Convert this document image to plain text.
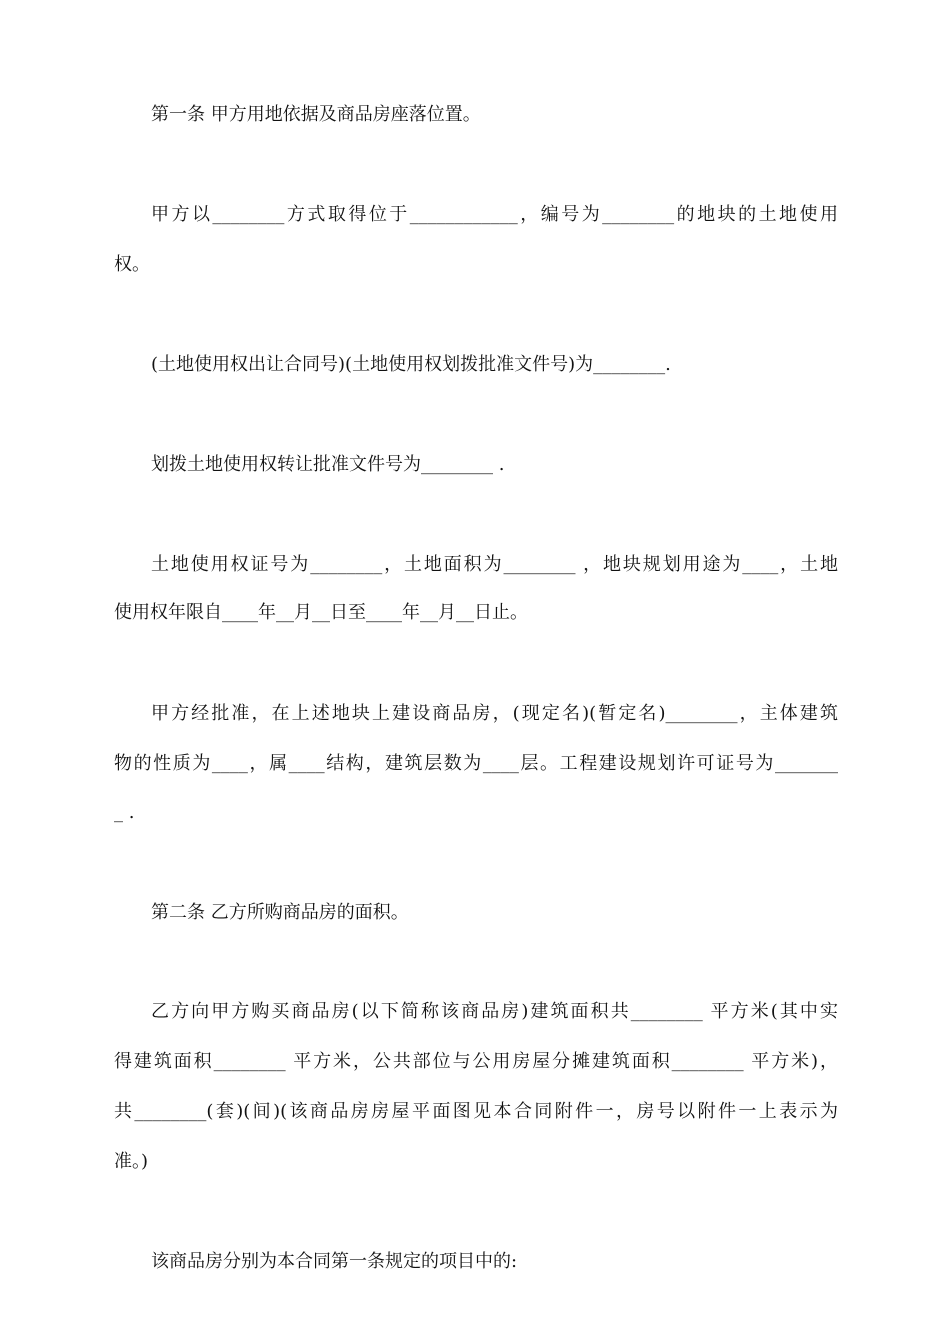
第一条 甲方用地依据及商品房座落位置。
甲方以________方式取得位于____________，编号为________的地块的土地使用
权。
(土地使用权出让合同号)(土地使用权划拨批准文件号)为________.
划拨土地使用权转让批准文件号为________ .
土地使用权证号为________，土地面积为________ ，地块规划用途为____，土地
使用权年限自____年__月__日至____年__月__日止。
甲方经批准，在上述地块上建设商品房，(现定名)(暂定名)________，主体建筑
物的性质为____，属____结构，建筑层数为____层。工程建设规划许可证号为_______
_ .
第二条 乙方所购商品房的面积。
乙方向甲方购买商品房(以下简称该商品房)建筑面积共________ 平方米(其中实
得建筑面积________ 平方米，公共部位与公用房屋分摊建筑面积________ 平方米)，
共________(套)(间)(该商品房房屋平面图见本合同附件一，房号以附件一上表示为
准。)
该商品房分别为本合同第一条规定的项目中的:
